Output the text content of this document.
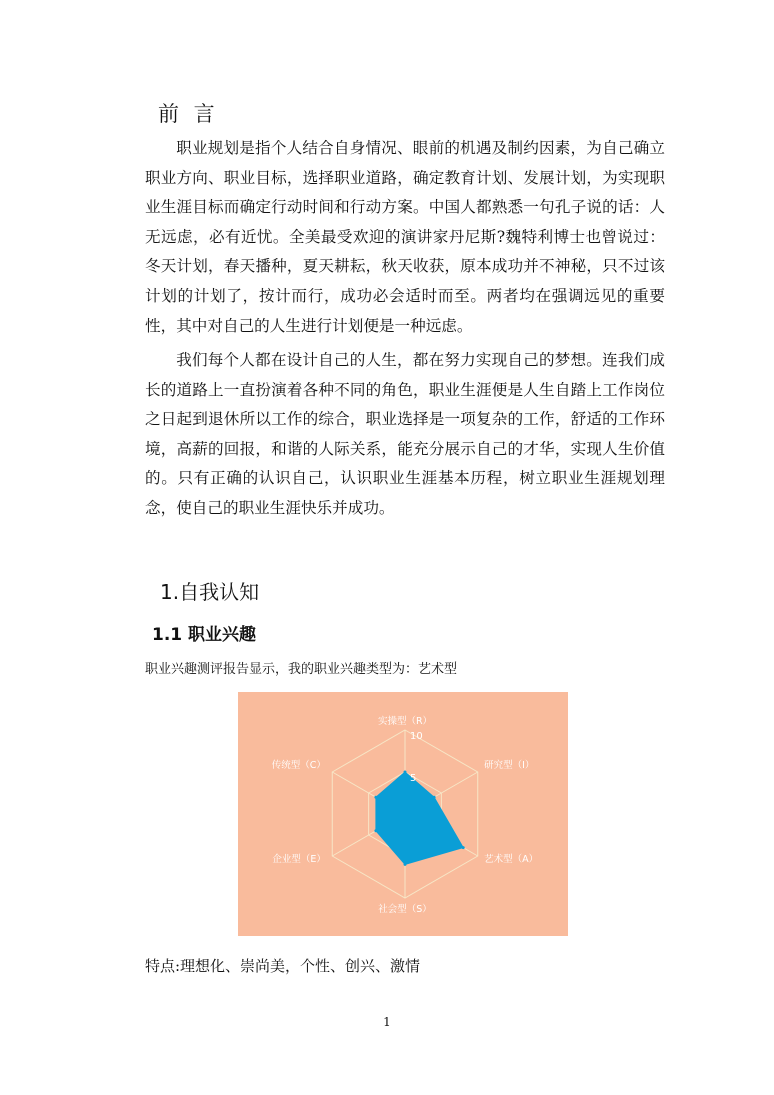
前 言

职业规划是指个人结合自身情况、眼前的机遇及制约因素，为自己确立职业方向、职业目标，选择职业道路，确定教育计划、发展计划，为实现职业生涯目标而确定行动时间和行动方案。中国人都熟悉一句孔子说的话：人无远虑，必有近忧。全美最受欢迎的演讲家丹尼斯?魏特利博士也曾说过：冬天计划，春天播种，夏天耕耘，秋天收获，原本成功并不神秘，只不过该计划的计划了，按计而行，成功必会适时而至。两者均在强调远见的重要性，其中对自己的人生进行计划便是一种远虑。

我们每个人都在设计自己的人生，都在努力实现自己的梦想。连我们成长的道路上一直扮演着各种不同的角色，职业生涯便是人生自踏上工作岗位之日起到退休所以工作的综合，职业选择是一项复杂的工作，舒适的工作环境，高薪的回报，和谐的人际关系，能充分展示自己的才华，实现人生价值的。只有正确的认识自己，认识职业生涯基本历程，树立职业生涯规划理念，使自己的职业生涯快乐并成功。

1.自我认知
1.1 职业兴趣
职业兴趣测评报告显示，我的职业兴趣类型为：艺术型
5
10
实操型（R）
研究型（I）
艺术型（A）
社会型（S）
企业型（E）
传统型（C）
特点:理想化、崇尚美，个性、创兴、激情
1
